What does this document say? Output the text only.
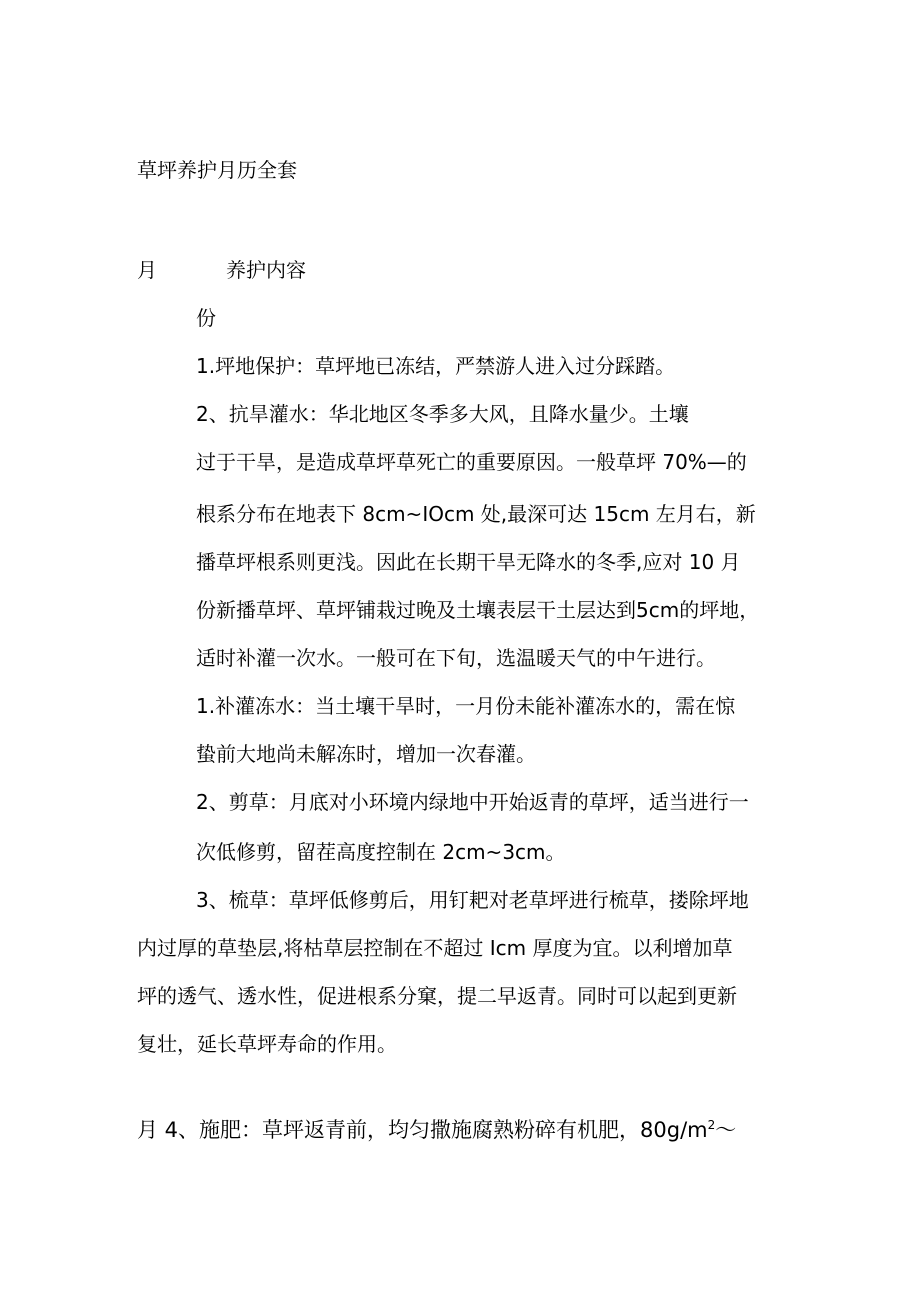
草坪养护月历全套
月	养护内容
份
1.坪地保护：草坪地已冻结，严禁游人进入过分踩踏。
2、抗旱灌水：华北地区冬季多大风，且降水量少。土壤
过于干旱，是造成草坪草死亡的重要原因。一般草坪 70%—的
根系分布在地表下 8cm~IOcm 处,最深可达 15cm 左月右，新
播草坪根系则更浅。因此在长期干旱无降水的冬季,应对 10 月
份新播草坪、草坪铺栽过晚及土壤表层干土层达到5cm的坪地，
适时补灌一次水。一般可在下旬，选温暖天气的中午进行。
1.补灌冻水：当土壤干旱时，一月份未能补灌冻水的，需在惊
蛰前大地尚未解冻时，增加一次春灌。
2、剪草：月底对小环境内绿地中开始返青的草坪，适当进行一
次低修剪，留茬高度控制在 2cm~3cm。
3、梳草：草坪低修剪后，用钉耙对老草坪进行梳草，搂除坪地
内过厚的草垫层,将枯草层控制在不超过 Icm 厚度为宜。以利增加草
坪的透气、透水性，促进根系分窠，提二早返青。同时可以起到更新
复壮，延长草坪寿命的作用。
月 4、施肥：草坪返青前，均匀撒施腐熟粉碎有机肥，$80g/m^2\sim$
